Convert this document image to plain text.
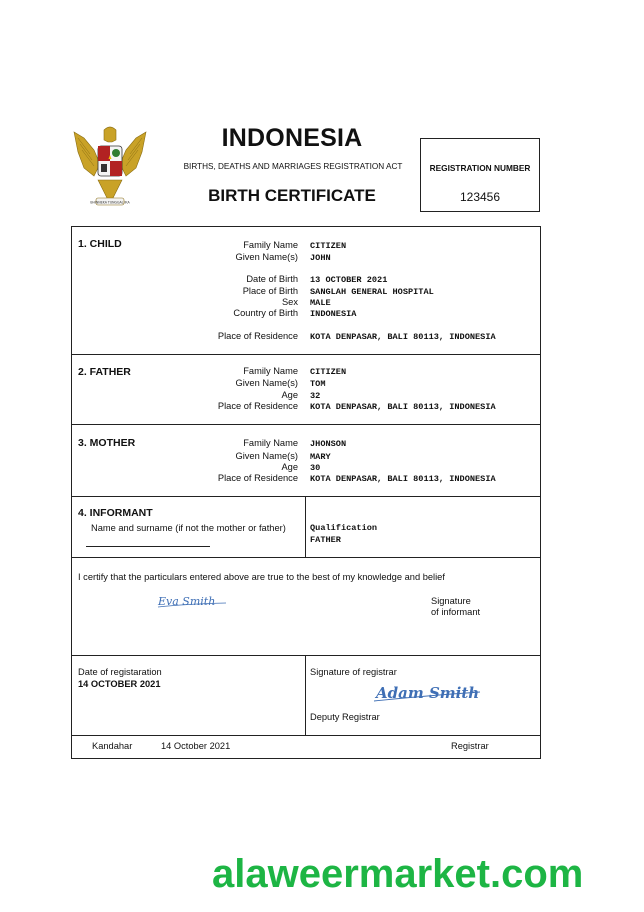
BHINNEKA TUNGGAL IKA
INDONESIA
BIRTHS, DEATHS AND MARRIAGES REGISTRATION ACT
BIRTH CERTIFICATE
REGISTRATION NUMBER
123456
1. CHILD	Family Name CITIZEN
Given Name(s) JOHN
Date of Birth 13 OCTOBER 2021
Place of Birth SANGLAH GENERAL HOSPITAL
Sex MALE
Country of Birth INDONESIA
Place of Residence KOTA DENPASAR, BALI 80113, INDONESIA
2. FATHER	Family Name CITIZEN
Given Name(s) TOM
Age 32
Place of Residence KOTA DENPASAR, BALI 80113, INDONESIA
3. MOTHER	Family Name JHONSON
Given Name(s) MARY
Age 30
Place of Residence KOTA DENPASAR, BALI 80113, INDONESIA
4. INFORMANT
Name and surname (if not the mother or father)	Qualification
FATHER
I certify that the particulars entered above are true to the best of my knowledge and belief
Eva Smith	Signature
of informant
Date of registaration
14 OCTOBER 2021
Signature of registrar
Adam Smith
Deputy Registrar
Kandahar	14 October 2021	Registrar
alaweermarket.com
